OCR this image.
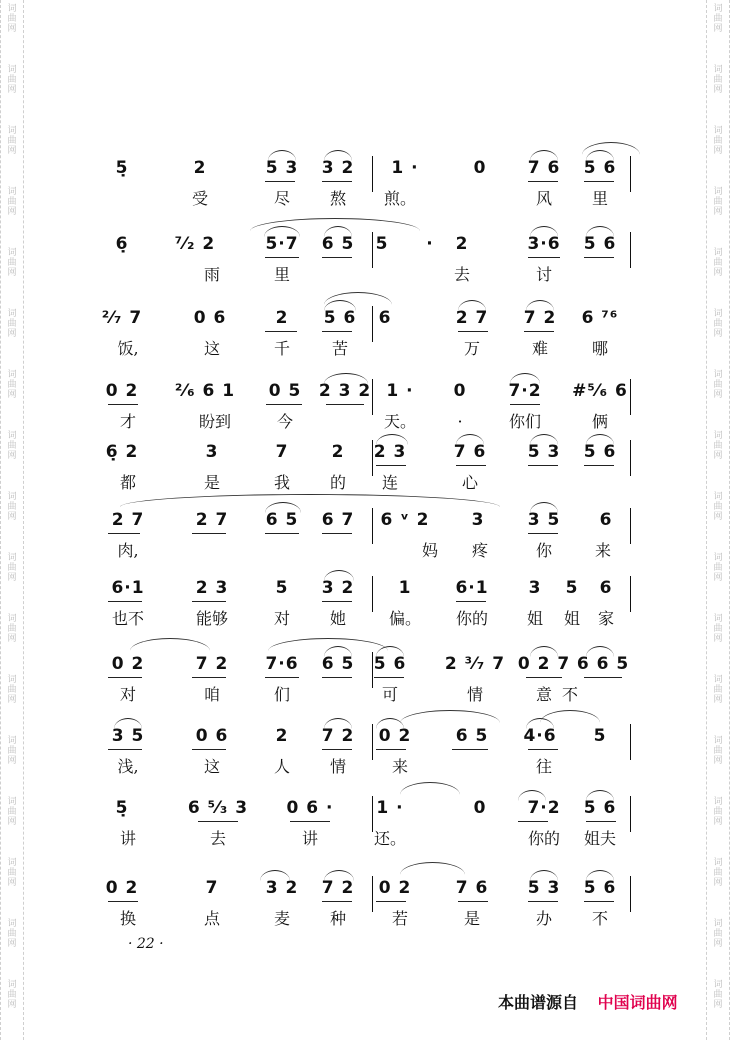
词曲网
词曲网
词曲网
词曲网
词曲网
词曲网
词曲网
词曲网
词曲网
词曲网
词曲网
词曲网
词曲网
词曲网
词曲网
词曲网
词曲网
词曲网
词曲网
词曲网
词曲网
词曲网
词曲网
词曲网
词曲网
词曲网
词曲网
词曲网
词曲网
词曲网
词曲网
词曲网
词曲网
词曲网
5̣	2	5 3 3 2 1 ·	0 7 6 5 6
受	尽 熬 煎。	风 里
6̣	⁷⁄₂ 2	5·7 6 5 5 · 2	3·6 5 6
雨	里	去	讨
²⁄₇ 7	0 6	2 5 6 6	2 7 7 2 6 ⁷⁶
饭,	这	千	苦	万	难	哪
0 2 ²⁄₆ 6 1 0 5 2 3 2 1 · 0 7·2 #⁵⁄₆ 6
才	盼到	今	天。	·	你们	俩
6̣ 2	3	7	2 2 3	7 6 5 3 5 6
都	是	我 的 连	心
2 7	2 7 6 5 6 7 6 ᵛ 2 3	3 5 6
肉,	妈 疼	你	来
6·1	2 3	5 3 2	1	6·1 3 5 6
也不	能够	对 她	偏。 你的 姐 姐 家
0 2	7 2 7·6 6 5 5 6 2 ³⁄₇ 7 0 2 7 6 6 5
对	咱	们	可	情	意 不
3 5	0 6	2 7 2 0 2	6 5 4·6 5
浅,	这	人 情	来	往
5̣	6 ⁵⁄₃ 3 0 6 ·	1 ·	0 7·2 5 6
讲	去	讲	还。	你的 姐夫
0 2	7	3 2 7 2 0 2	7 6 5 3 5 6
换	点	麦 种	若	是	办 不
· 22 ·
本曲谱源自 中国词曲网
